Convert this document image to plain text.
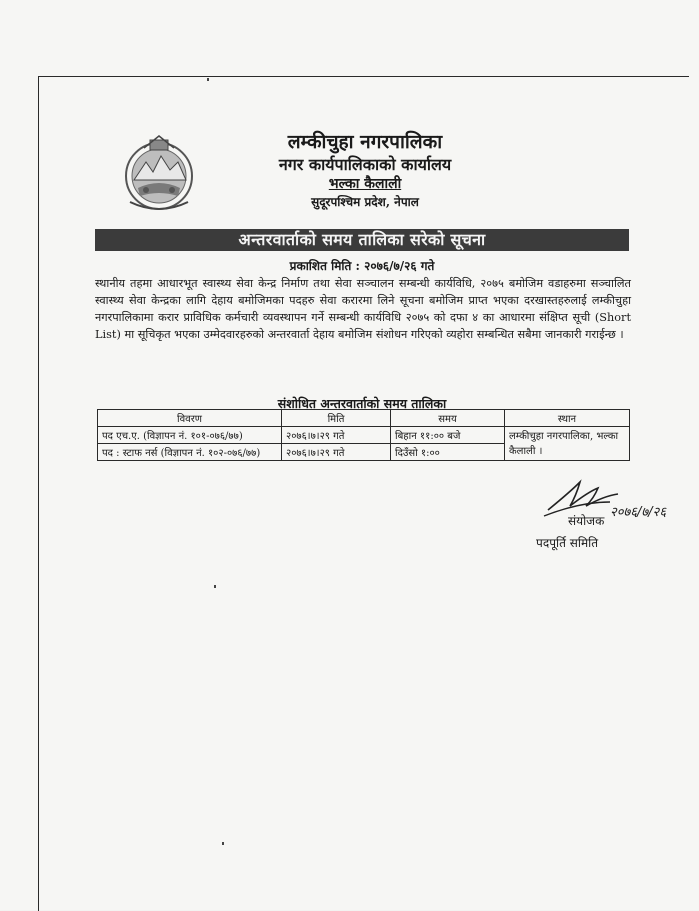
लम्कीचुहा नगरपालिका
नगर कार्यपालिकाको कार्यालय
भल्का कैलाली
सुदूरपश्चिम प्रदेश, नेपाल
अन्तरवार्ताको समय तालिका सरेको सूचना
प्रकाशित मिति : २०७६/७/२६ गते
स्थानीय तहमा आधारभूत स्वास्थ्य सेवा केन्द्र निर्माण तथा सेवा सञ्चालन सम्बन्धी कार्यविधि, २०७५ बमोजिम वडाहरुमा सञ्चालित स्वास्थ्य सेवा केन्द्रका लागि देहाय बमोजिमका पदहरु सेवा करारमा लिने सूचना बमोजिम प्राप्त भएका दरखास्तहरुलाई लम्कीचुहा नगरपालिकामा करार प्राविधिक कर्मचारी व्यवस्थापन गर्ने सम्बन्धी कार्यविधि २०७५ को दफा ४ का आधारमा संक्षिप्त सूची (Short List) मा सूचिकृत भएका उम्मेदवारहरुको अन्तरवार्ता देहाय बमोजिम संशोधन गरिएको व्यहोरा सम्बन्धित सबैमा जानकारी गराईन्छ ।
संशोधित अन्तरवार्ताको समय तालिका
विवरण	मिति	समय	स्थान
पद एच.ए. (विज्ञापन नं. १०१-०७६/७७)	२०७६।७।२९ गते	बिहान ११:०० बजे	लम्कीचुहा नगरपालिका, भल्का कैलाली ।
पद : स्टाफ नर्स (विज्ञापन नं. १०२-०७६/७७)	२०७६।७।२९ गते	दिउँसो १:००	
२०७६/७/२६
संयोजक
पदपूर्ति समिति
